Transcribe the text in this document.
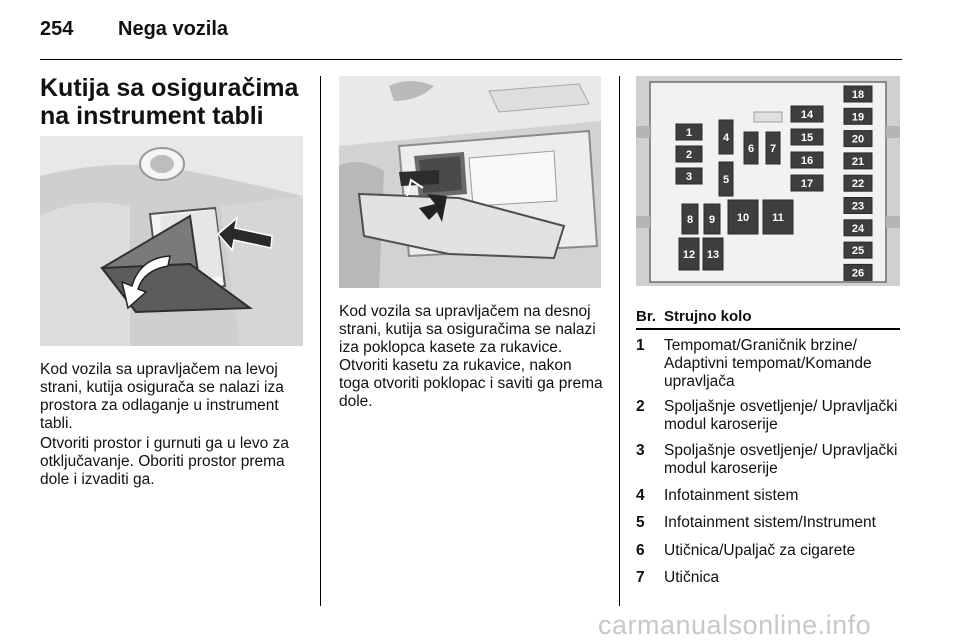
254 Nega vozila
Kutija sa osiguračima na instrument tabli

Kod vozila sa upravljačem na levoj strani, kutija osigurača se nalazi iza prostora za odlaganje u instrument tabli.

Otvoriti prostor i gurnuti ga u levo za otključavanje. Oboriti prostor prema dole i izvaditi ga.

Kod vozila sa upravljačem na desnoj strani, kutija sa osiguračima se nalazi iza poklopca kasete za rukavice. Otvoriti kasetu za rukavice, nakon toga otvoriti poklopac i saviti ga prema dole.

1
2
3
4
5
6 7
14
15
16
17
18
19
20
21
22
23
24
25
26
8 9 10 11
12 13
Br. Strujno kolo
1 Tempomat/Graničnik brzine/ Adaptivni tempomat/Komande upravljača
2 Spoljašnje osvetljenje/ Upravljački modul karoserije
3 Spoljašnje osvetljenje/ Upravljački modul karoserije
4 Infotainment sistem
5 Infotainment sistem/Instrument
6 Utičnica/Upaljač za cigarete
7 Utičnica
carmanualsonline.info
